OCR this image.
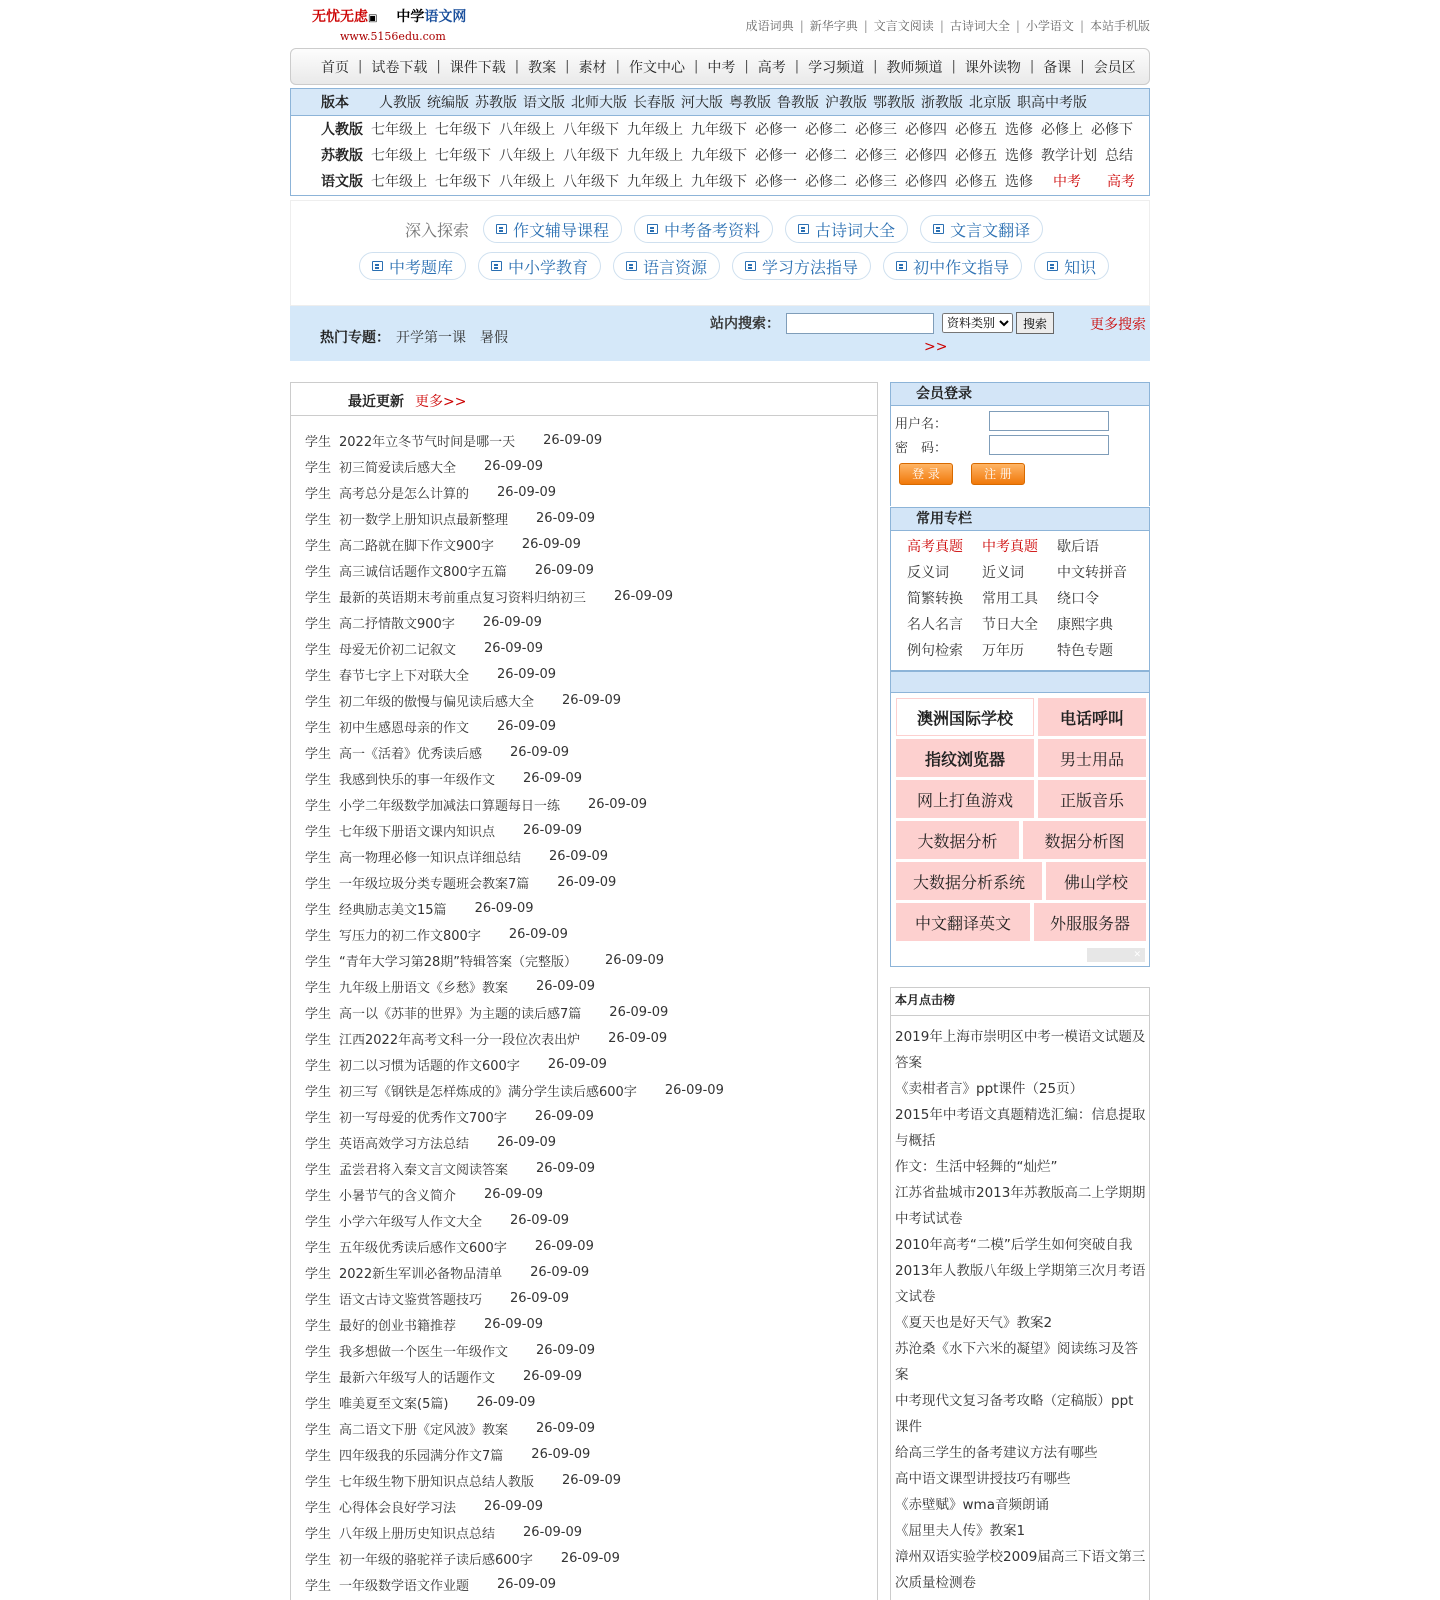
无忧无虑▣ 中学语文网
www.5156edu.com
成语词典 | 新华字典 | 文言文阅读 | 古诗词大全 | 小学语文 | 本站手机版
首页 | 试卷下载 | 课件下载 | 教案 | 素材 | 作文中心 | 中考 | 高考 | 学习频道 | 教师频道 | 课外读物 | 备课 | 会员区
版本 人教版 统编版 苏教版 语文版 北师大版 长春版 河大版 粤教版 鲁教版 沪教版 鄂教版 浙教版 北京版 职高中考版
人教版 七年级上 七年级下 八年级上 八年级下 九年级上 九年级下 必修一 必修二 必修三 必修四 必修五 选修 必修上 必修下
苏教版 七年级上 七年级下 八年级上 八年级下 九年级上 九年级下 必修一 必修二 必修三 必修四 必修五 选修 教学计划 总结
语文版 七年级上 七年级下 八年级上 八年级下 九年级上 九年级下 必修一 必修二 必修三 必修四 必修五 选修 中考 高考
深入探索	作文辅导课程	中考备考资料	古诗词大全	文言文翻译
中考题库	中小学教育	语言资源	学习方法指导	初中作文指导	知识
热门专题： 开学第一课 暑假
站内搜索：
资料类别	搜索	更多搜索
>>
最近更新 更多>>
学生 2022年立冬节气时间是哪一天 26-09-09
学生 初三简爱读后感大全 26-09-09
学生 高考总分是怎么计算的 26-09-09
学生 初一数学上册知识点最新整理 26-09-09
学生 高二路就在脚下作文900字 26-09-09
学生 高三诚信话题作文800字五篇 26-09-09
学生 最新的英语期末考前重点复习资料归纳初三 26-09-09
学生 高二抒情散文900字 26-09-09
学生 母爱无价初二记叙文 26-09-09
学生 春节七字上下对联大全 26-09-09
学生 初二年级的傲慢与偏见读后感大全 26-09-09
学生 初中生感恩母亲的作文 26-09-09
学生 高一《活着》优秀读后感 26-09-09
学生 我感到快乐的事一年级作文 26-09-09
学生 小学二年级数学加减法口算题每日一练 26-09-09
学生 七年级下册语文课内知识点 26-09-09
学生 高一物理必修一知识点详细总结 26-09-09
学生 一年级垃圾分类专题班会教案7篇 26-09-09
学生 经典励志美文15篇 26-09-09
学生 写压力的初二作文800字 26-09-09
学生 “青年大学习第28期”特辑答案（完整版） 26-09-09
学生 九年级上册语文《乡愁》教案 26-09-09
学生 高一以《苏菲的世界》为主题的读后感7篇 26-09-09
学生 江西2022年高考文科一分一段位次表出炉 26-09-09
学生 初二以习惯为话题的作文600字 26-09-09
学生 初三写《钢铁是怎样炼成的》满分学生读后感600字 26-09-09
学生 初一写母爱的优秀作文700字 26-09-09
学生 英语高效学习方法总结 26-09-09
学生 孟尝君将入秦文言文阅读答案 26-09-09
学生 小暑节气的含义简介 26-09-09
学生 小学六年级写人作文大全 26-09-09
学生 五年级优秀读后感作文600字 26-09-09
学生 2022新生军训必备物品清单 26-09-09
学生 语文古诗文鉴赏答题技巧 26-09-09
学生 最好的创业书籍推荐 26-09-09
学生 我多想做一个医生一年级作文 26-09-09
学生 最新六年级写人的话题作文 26-09-09
学生 唯美夏至文案(5篇) 26-09-09
学生 高二语文下册《定风波》教案 26-09-09
学生 四年级我的乐园满分作文7篇 26-09-09
学生 七年级生物下册知识点总结人教版 26-09-09
学生 心得体会良好学习法 26-09-09
学生 八年级上册历史知识点总结 26-09-09
学生 初一年级的骆驼祥子读后感600字 26-09-09
学生 一年级数学语文作业题 26-09-09
会员登录
用户名：
密　码：
登 录	注 册
常用专栏
高考真题	中考真题	歇后语
反义词	近义词	中文转拼音
简繁转换	常用工具	绕口令
名人名言	节日大全	康熙字典
例句检索	万年历	特色专题
澳洲国际学校	电话呼叫
指纹浏览器	男士用品
网上打鱼游戏	正版音乐
大数据分析	数据分析图
大数据分析系统	佛山学校
中文翻译英文	外服服务器
✕
本月点击榜
2019年上海市崇明区中考一模语文试题及
答案
《卖柑者言》ppt课件（25页）
2015年中考语文真题精选汇编：信息提取
与概括
作文：生活中轻舞的“灿烂”
江苏省盐城市2013年苏教版高二上学期期
中考试试卷
2010年高考“二模”后学生如何突破自我
2013年人教版八年级上学期第三次月考语
文试卷
《夏天也是好天气》教案2
苏沧桑《水下六米的凝望》阅读练习及答
案
中考现代文复习备考攻略（定稿版）ppt
课件
给高三学生的备考建议方法有哪些
高中语文课型讲授技巧有哪些
《赤壁赋》wma音频朗诵
《屈里夫人传》教案1
漳州双语实验学校2009届高三下语文第三
次质量检测卷
